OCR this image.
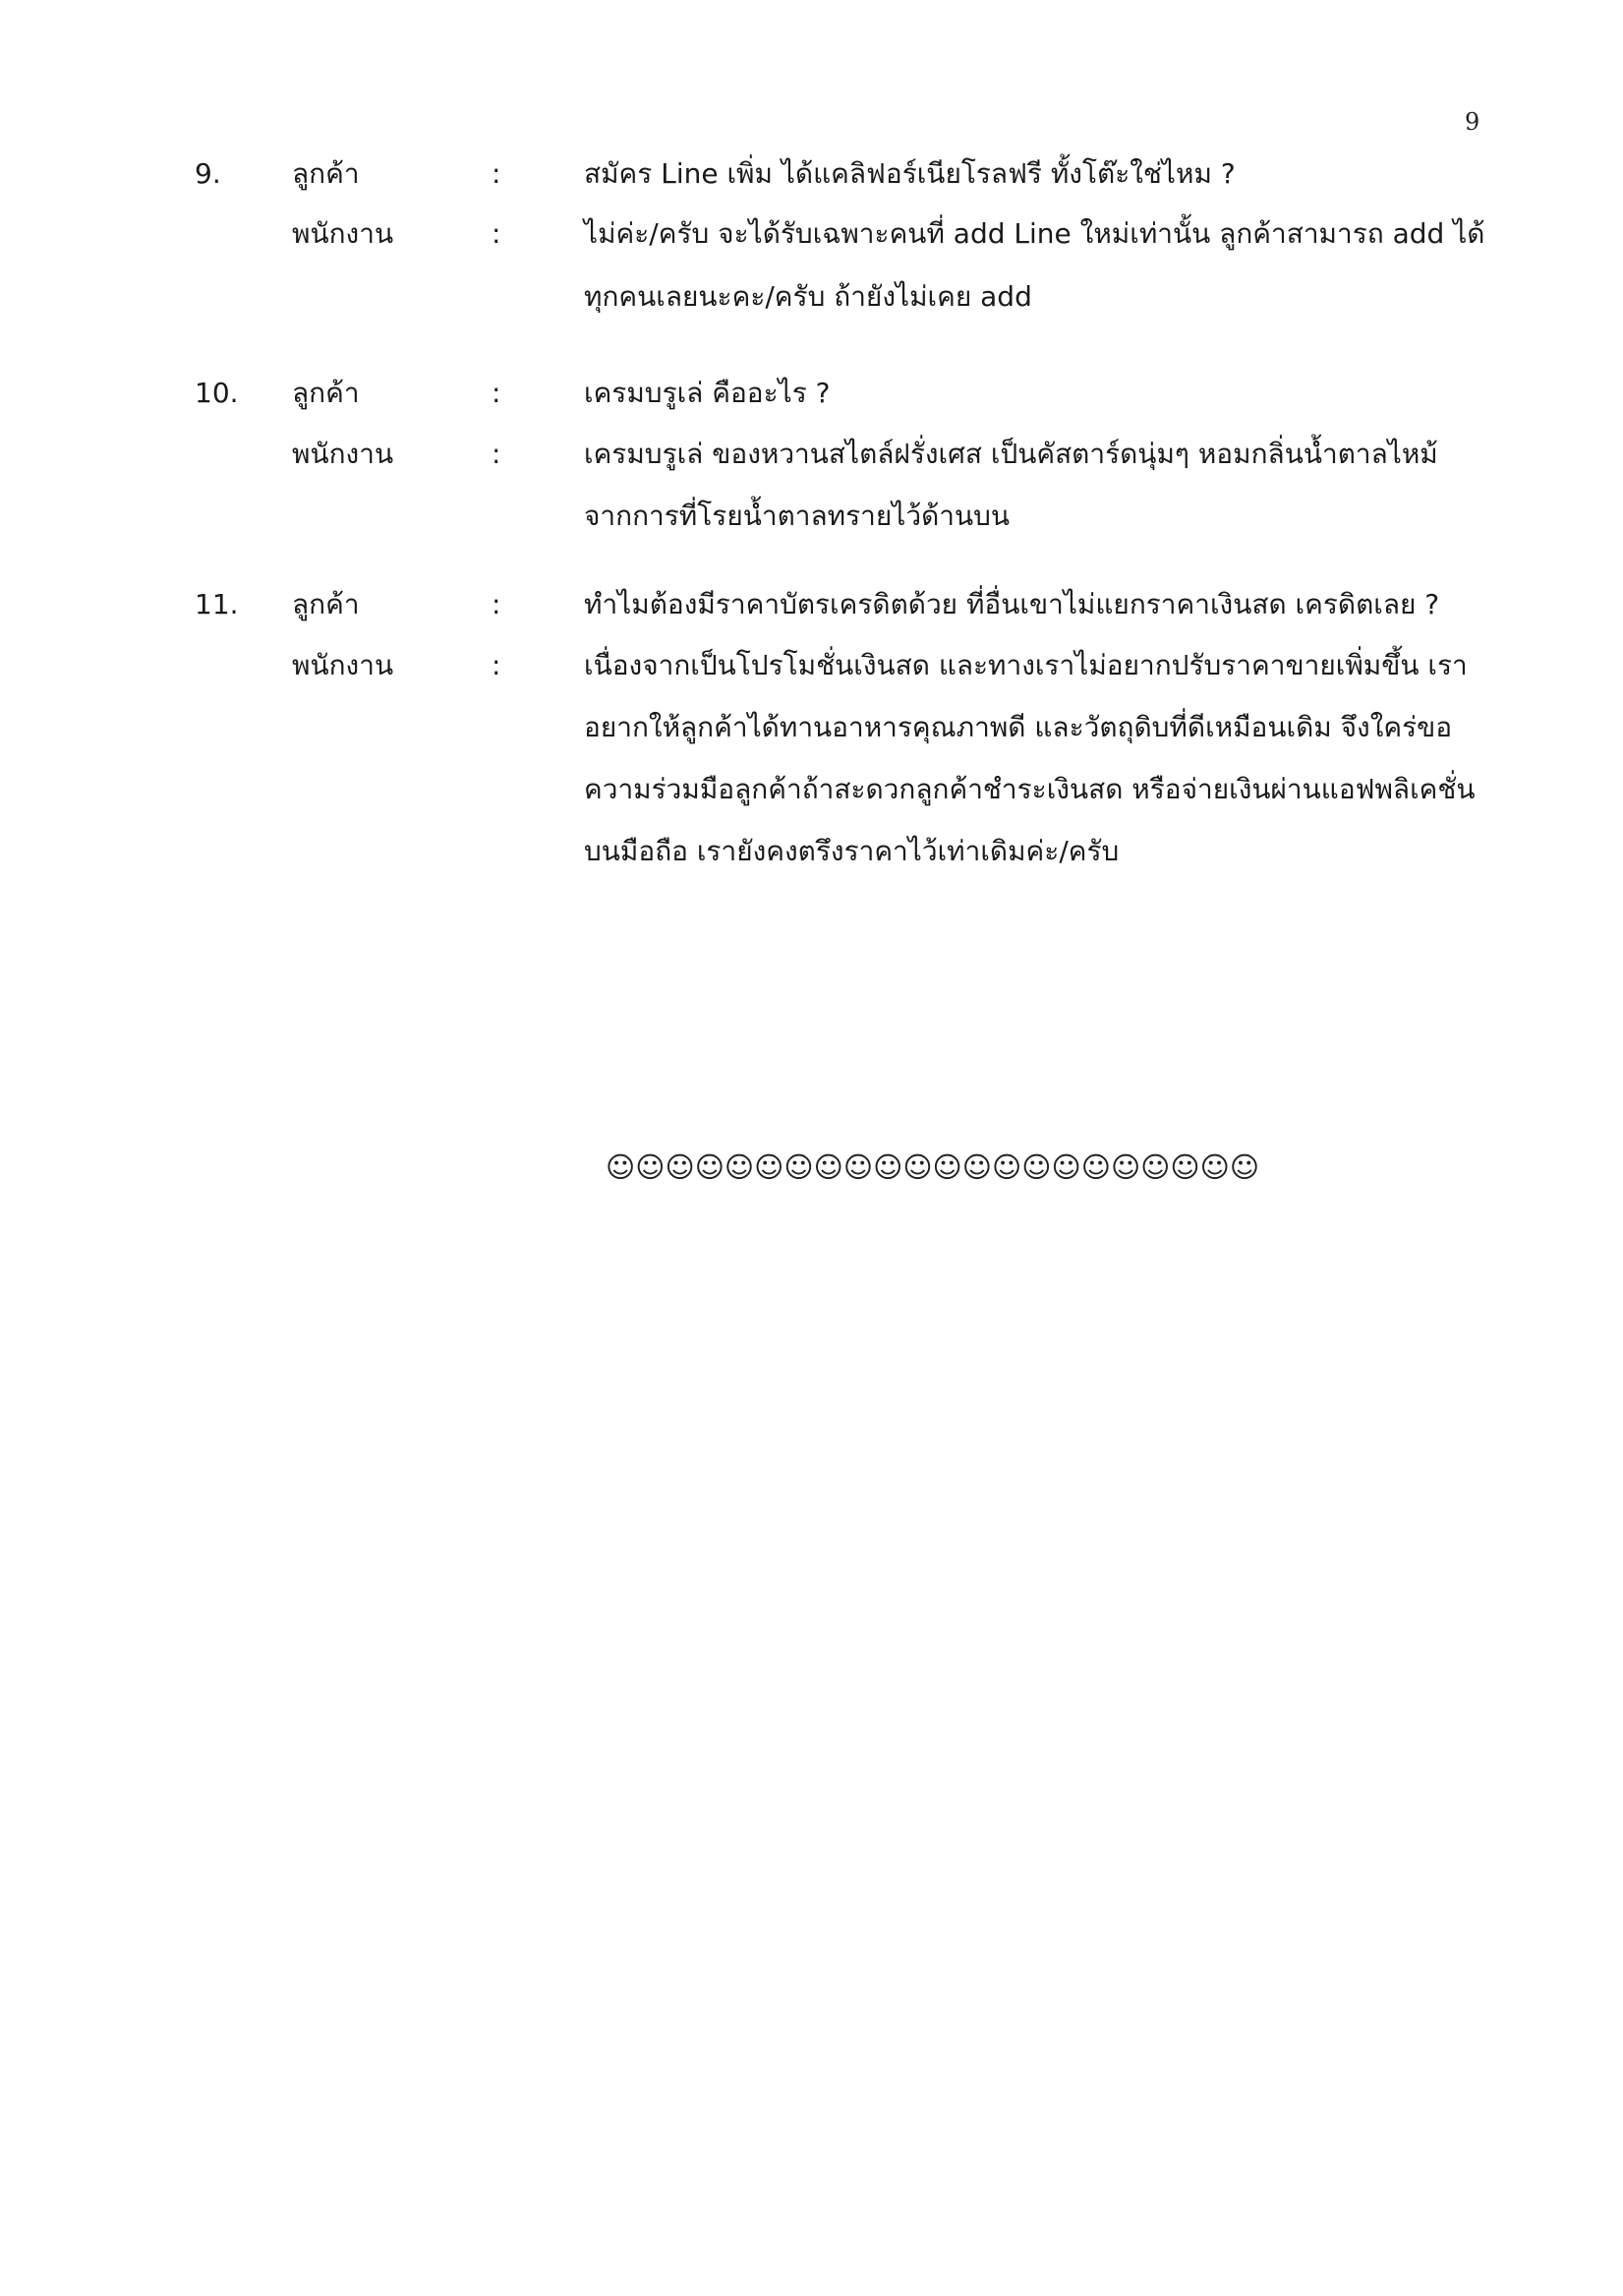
9
9.	ลูกค้า	:	สมัคร Line เพิ่ม ได้แคลิฟอร์เนียโรลฟรี ทั้งโต๊ะใช่ไหม ?
พนักงาน	:	ไม่ค่ะ/ครับ จะได้รับเฉพาะคนที่ add Line ใหม่เท่านั้น ลูกค้าสามารถ add ได้
ทุกคนเลยนะคะ/ครับ ถ้ายังไม่เคย add
10. ลูกค้า	:	เครมบรูเล่ คืออะไร ?
พนักงาน	:	เครมบรูเล่ ของหวานสไตล์ฝรั่งเศส เป็นคัสตาร์ดนุ่มๆ หอมกลิ่นน้ำตาลไหม้
จากการที่โรยน้ำตาลทรายไว้ด้านบน
11. ลูกค้า	:	ทำไมต้องมีราคาบัตรเครดิตด้วย ที่อื่นเขาไม่แยกราคาเงินสด เครดิตเลย ?
พนักงาน	:	เนื่องจากเป็นโปรโมชั่นเงินสด และทางเราไม่อยากปรับราคาขายเพิ่มขึ้น เรา
อยากให้ลูกค้าได้ทานอาหารคุณภาพดี และวัตถุดิบที่ดีเหมือนเดิม จึงใคร่ขอ
ความร่วมมือลูกค้าถ้าสะดวกลูกค้าชำระเงินสด หรือจ่ายเงินผ่านแอฟพลิเคชั่น
บนมือถือ เรายังคงตรึงราคาไว้เท่าเดิมค่ะ/ครับ
☺☺☺☺☺☺☺☺☺☺☺☺☺☺☺☺☺☺☺☺☺☺
